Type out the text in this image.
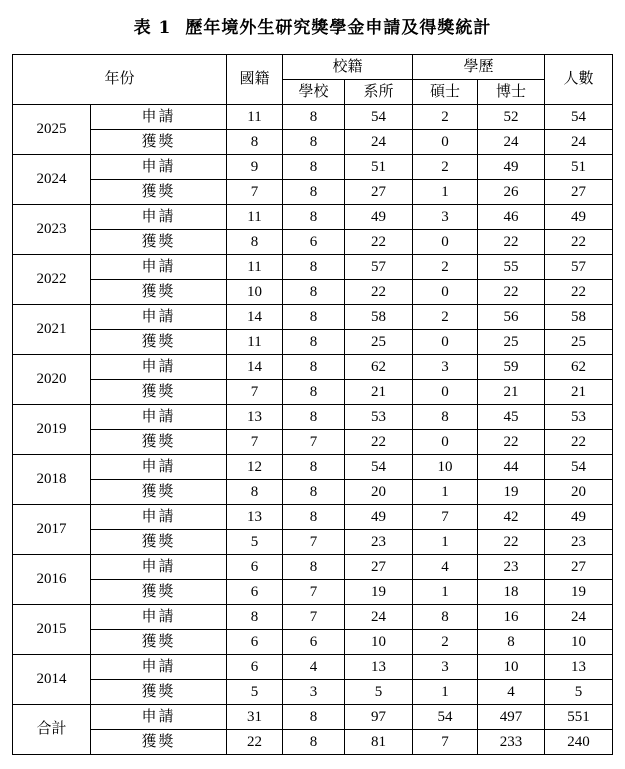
表 1 歷年境外生研究獎學金申請及得獎統計
年份		國籍	校籍		學歷		人數
			學校	系所	碩士	博士	
2025	申請	11	8	54	2	52	54
	獲獎	8	8	24	0	24	24
2024	申請	9	8	51	2	49	51
	獲獎	7	8	27	1	26	27
2023	申請	11	8	49	3	46	49
	獲獎	8	6	22	0	22	22
2022	申請	11	8	57	2	55	57
	獲獎	10	8	22	0	22	22
2021	申請	14	8	58	2	56	58
	獲獎	11	8	25	0	25	25
2020	申請	14	8	62	3	59	62
	獲獎	7	8	21	0	21	21
2019	申請	13	8	53	8	45	53
	獲獎	7	7	22	0	22	22
2018	申請	12	8	54	10	44	54
	獲獎	8	8	20	1	19	20
2017	申請	13	8	49	7	42	49
	獲獎	5	7	23	1	22	23
2016	申請	6	8	27	4	23	27
	獲獎	6	7	19	1	18	19
2015	申請	8	7	24	8	16	24
	獲獎	6	6	10	2	8	10
2014	申請	6	4	13	3	10	13
	獲獎	5	3	5	1	4	5
合計	申請	31	8	97	54	497	551
	獲獎	22	8	81	7	233	240
